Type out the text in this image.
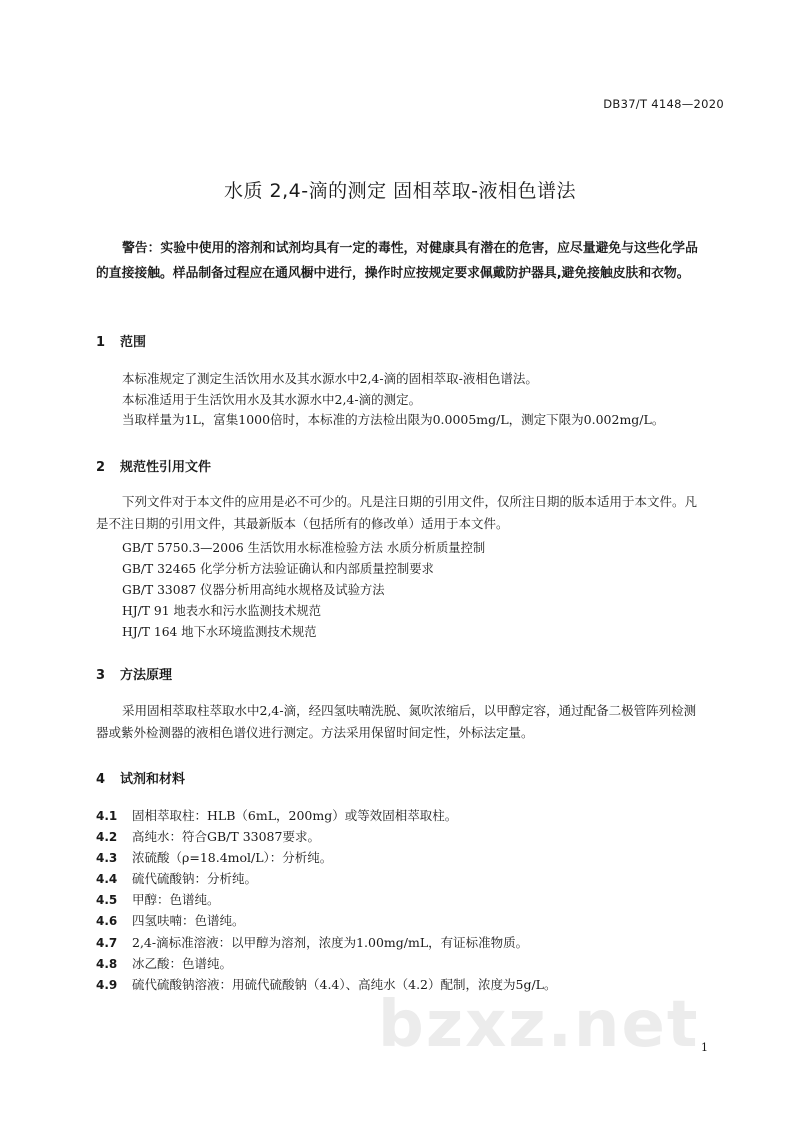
DB37/T 4148—2020
水质 2,4-滴的测定 固相萃取-液相色谱法
警告：实验中使用的溶剂和试剂均具有一定的毒性，对健康具有潜在的危害，应尽量避免与这些化学品的直接接触。样品制备过程应在通风橱中进行，操作时应按规定要求佩戴防护器具,避免接触皮肤和衣物。
1 范围
本标准规定了测定生活饮用水及其水源水中2,4-滴的固相萃取-液相色谱法。
本标准适用于生活饮用水及其水源水中2,4-滴的测定。
当取样量为1L，富集1000倍时，本标准的方法检出限为0.0005mg/L，测定下限为0.002mg/L。
2 规范性引用文件
下列文件对于本文件的应用是必不可少的。凡是注日期的引用文件，仅所注日期的版本适用于本文件。凡是不注日期的引用文件，其最新版本（包括所有的修改单）适用于本文件。
GB/T 5750.3—2006 生活饮用水标准检验方法 水质分析质量控制
GB/T 32465 化学分析方法验证确认和内部质量控制要求
GB/T 33087 仪器分析用高纯水规格及试验方法
HJ/T 91 地表水和污水监测技术规范
HJ/T 164 地下水环境监测技术规范
3 方法原理
采用固相萃取柱萃取水中2,4-滴，经四氢呋喃洗脱、氮吹浓缩后，以甲醇定容，通过配备二极管阵列检测器或紫外检测器的液相色谱仪进行测定。方法采用保留时间定性，外标法定量。
4 试剂和材料
4.1 固相萃取柱：HLB（6mL，200mg）或等效固相萃取柱。
4.2 高纯水：符合GB/T 33087要求。
4.3 浓硫酸（ρ=18.4mol/L）：分析纯。
4.4 硫代硫酸钠：分析纯。
4.5 甲醇：色谱纯。
4.6 四氢呋喃：色谱纯。
4.7 2,4-滴标准溶液：以甲醇为溶剂，浓度为1.00mg/mL，有证标准物质。
4.8 冰乙酸：色谱纯。
4.9 硫代硫酸钠溶液：用硫代硫酸钠（4.4）、高纯水（4.2）配制，浓度为5g/L。
bzxz.net 1
